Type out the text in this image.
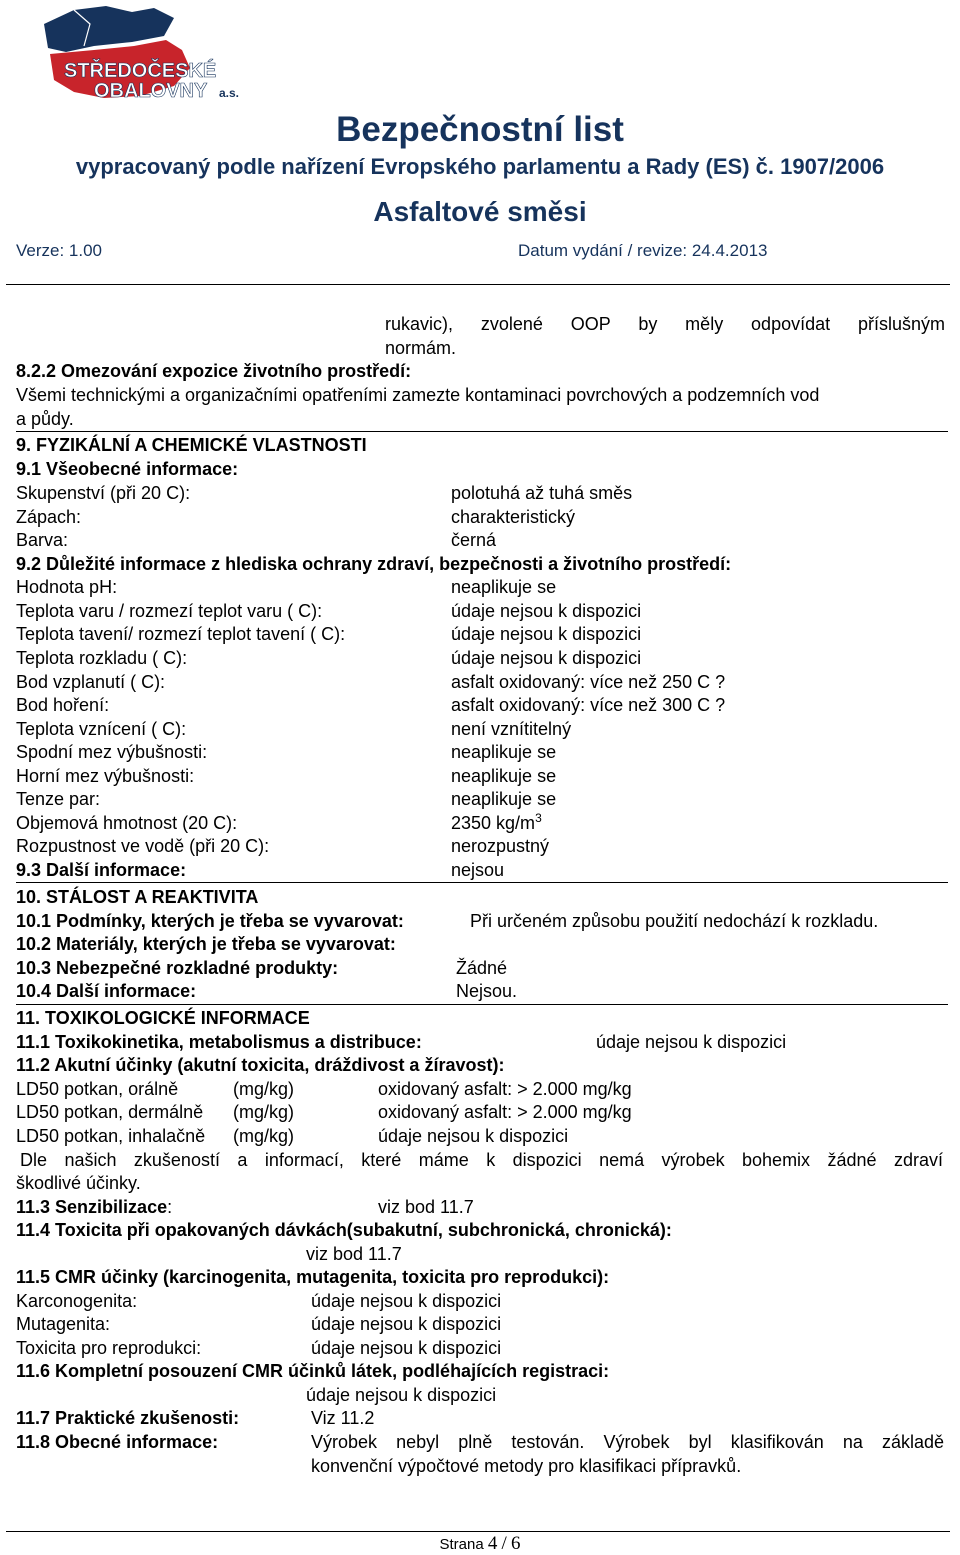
STŘEDOČESKÉ
OBALOVNY a.s.
Bezpečnostní list
vypracovaný podle nařízení Evropského parlamentu a Rady (ES) č. 1907/2006
Asfaltové směsi
Verze: 1.00	Datum vydání / revize: 24.4.2013
rukavic), zvolené OOP by měly odpovídat příslušným
normám.
8.2.2 Omezování expozice životního prostředí:
Všemi technickými a organizačními opatřeními zamezte kontaminaci povrchových a podzemních vod
a půdy.
9. FYZIKÁLNÍ A CHEMICKÉ VLASTNOSTI
9.1 Všeobecné informace:
Skupenství (při 20 C):	polotuhá až tuhá směs
Zápach:	charakteristický
Barva:	černá
9.2 Důležité informace z hlediska ochrany zdraví, bezpečnosti a životního prostředí:
Hodnota pH:	neaplikuje se
Teplota varu / rozmezí teplot varu ( C):	údaje nejsou k dispozici
Teplota tavení/ rozmezí teplot tavení ( C):	údaje nejsou k dispozici
Teplota rozkladu ( C):	údaje nejsou k dispozici
Bod vzplanutí ( C):	asfalt oxidovaný: více než 250 C ?
Bod hoření:	asfalt oxidovaný: více než 300 C ?
Teplota vznícení ( C):	není vznítitelný
Spodní mez výbušnosti:	neaplikuje se
Horní mez výbušnosti:	neaplikuje se
Tenze par:	neaplikuje se
Objemová hmotnost (20 C):	2350 $kg/m^3$
Rozpustnost ve vodě (při 20 C):	nerozpustný
9.3 Další informace:	nejsou
10. STÁLOST A REAKTIVITA
10.1 Podmínky, kterých je třeba se vyvarovat:	Při určeném způsobu použití nedochází k rozkladu.
10.2 Materiály, kterých je třeba se vyvarovat:
10.3 Nebezpečné rozkladné produkty:	Žádné
10.4 Další informace:	Nejsou.
11. TOXIKOLOGICKÉ INFORMACE
11.1 Toxikokinetika, metabolismus a distribuce:	údaje nejsou k dispozici
11.2 Akutní účinky (akutní toxicita, dráždivost a žíravost):
LD50 potkan, orálně	(mg/kg)	oxidovaný asfalt: > 2.000 mg/kg
LD50 potkan, dermálně (mg/kg)	oxidovaný asfalt: > 2.000 mg/kg
LD50 potkan, inhalačně (mg/kg)	údaje nejsou k dispozici
Dle našich zkušeností a informací, které máme k dispozici nemá výrobek bohemix žádné zdraví
škodlivé účinky.
11.3 Senzibilizace:	viz bod 11.7
11.4 Toxicita při opakovaných dávkách(subakutní, subchronická, chronická):
viz bod 11.7
11.5 CMR účinky (karcinogenita, mutagenita, toxicita pro reprodukci):
Karconogenita:	údaje nejsou k dispozici
Mutagenita:	údaje nejsou k dispozici
Toxicita pro reprodukci:	údaje nejsou k dispozici
11.6 Kompletní posouzení CMR účinků látek, podléhajících registraci:
údaje nejsou k dispozici
11.7 Praktické zkušenosti:	Viz 11.2
11.8 Obecné informace:	Výrobek nebyl plně testován. Výrobek byl klasifikován na základě
konvenční výpočtové metody pro klasifikaci přípravků.
Strana 4 / 6
